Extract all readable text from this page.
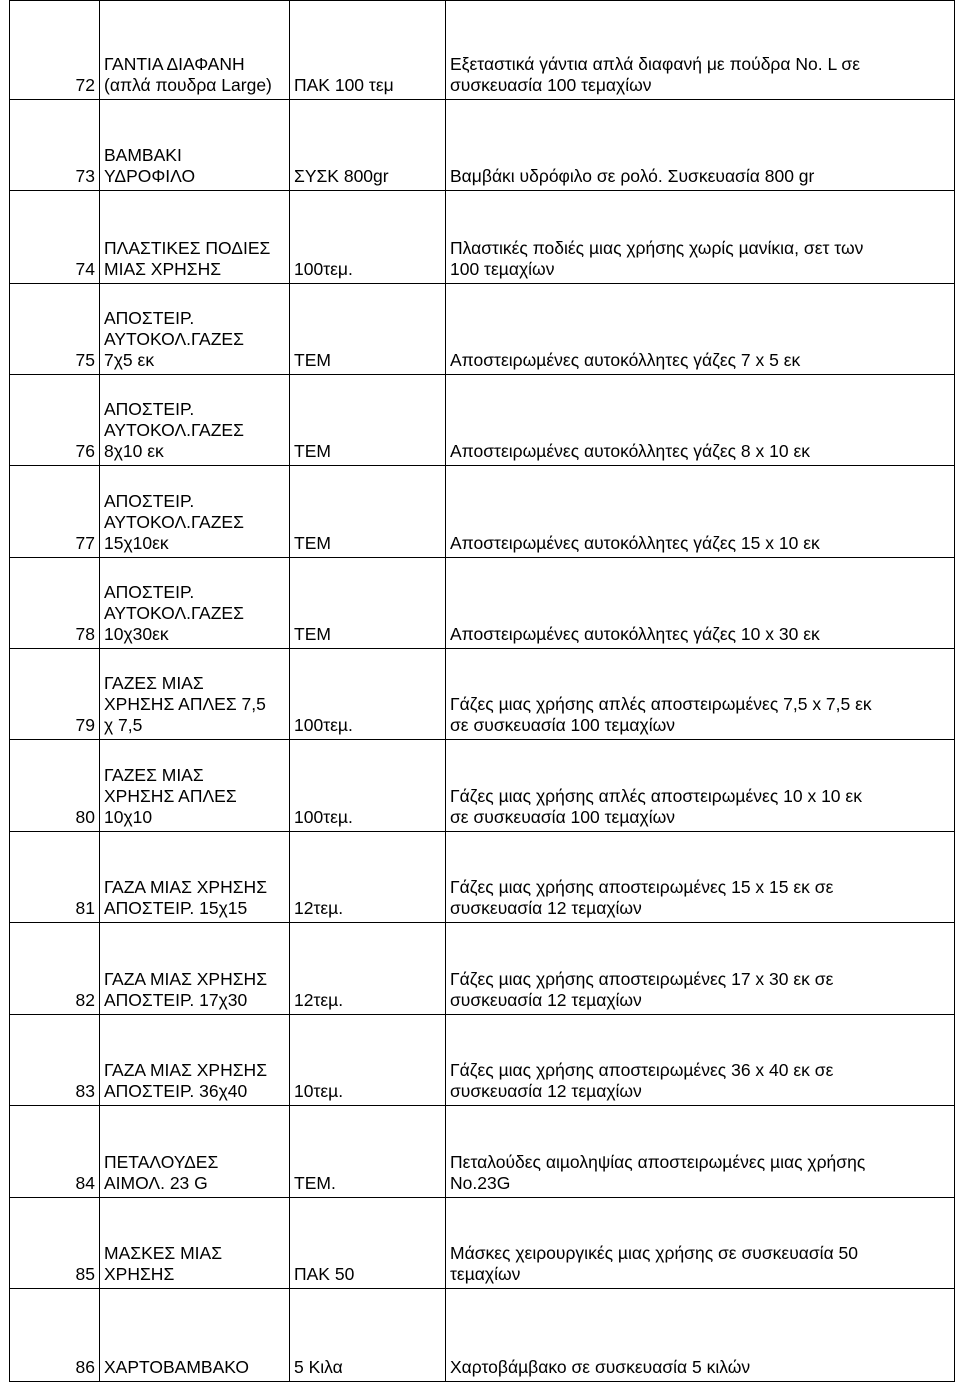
72	ΓΑΝΤΙΑ ΔΙΑΦΑΝΗ
(απλά πουδρα Large)	ΠΑΚ 100 τεμ	Εξεταστικά γάντια απλά διαφανή με πούδρα Νο. L σε
συσκευασία 100 τεμαχίων
73	ΒΑΜΒΑΚΙ
ΥΔΡΟΦΙΛΟ	ΣΥΣΚ 800gr	Βαμβάκι υδρόφιλο σε ρολό. Συσκευασία 800 gr
74	ΠΛΑΣΤΙΚΕΣ ΠΟΔΙΕΣ
ΜΙΑΣ ΧΡΗΣΗΣ	100τεμ.	Πλαστικές ποδιές µιας χρήσης χωρίς µανίκια, σετ των
100 τεµαχίων
75	ΑΠΟΣΤΕΙΡ.
ΑΥΤΟΚΟΛ.ΓΑΖΕΣ
7χ5 εκ	ΤΕΜ	Αποστειρωµένες αυτοκόλλητες γάζες 7 x 5 εκ
76	ΑΠΟΣΤΕΙΡ.
ΑΥΤΟΚΟΛ.ΓΑΖΕΣ
8χ10 εκ	ΤΕΜ	Αποστειρωµένες αυτοκόλλητες γάζες 8 x 10 εκ
77	ΑΠΟΣΤΕΙΡ.
ΑΥΤΟΚΟΛ.ΓΑΖΕΣ
15χ10εκ	ΤΕΜ	Αποστειρωµένες αυτοκόλλητες γάζες 15 x 10 εκ
78	ΑΠΟΣΤΕΙΡ.
ΑΥΤΟΚΟΛ.ΓΑΖΕΣ
10χ30εκ	ΤΕΜ	Αποστειρωµένες αυτοκόλλητες γάζες 10 x 30 εκ
79	ΓΑΖΕΣ ΜΙΑΣ
ΧΡΗΣΗΣ ΑΠΛΕΣ 7,5
χ 7,5	100τεµ.	Γάζες µιας χρήσης απλές αποστειρωµένες 7,5 x 7,5 εκ
σε συσκευασία 100 τεµαχίων
80	ΓΑΖΕΣ ΜΙΑΣ
ΧΡΗΣΗΣ ΑΠΛΕΣ
10χ10	100τεµ.	Γάζες µιας χρήσης απλές αποστειρωµένες 10 x 10 εκ
σε συσκευασία 100 τεµαχίων
81	ΓΑΖΑ ΜΙΑΣ ΧΡΗΣΗΣ
ΑΠΟΣΤΕΙΡ. 15χ15	12τεµ.	Γάζες µιας χρήσης αποστειρωµένες 15 x 15 εκ σε
συσκευασία 12 τεµαχίων
82	ΓΑΖΑ ΜΙΑΣ ΧΡΗΣΗΣ
ΑΠΟΣΤΕΙΡ. 17χ30	12τεµ.	Γάζες µιας χρήσης αποστειρωµένες 17 x 30 εκ σε
συσκευασία 12 τεµαχίων
83	ΓΑΖΑ ΜΙΑΣ ΧΡΗΣΗΣ
ΑΠΟΣΤΕΙΡ. 36χ40	10τεµ.	Γάζες µιας χρήσης αποστειρωµένες 36 x 40 εκ σε
συσκευασία 12 τεµαχίων
84	ΠΕΤΑΛΟΥΔΕΣ
ΑΙΜΟΛ. 23 G	ΤΕΜ.	Πεταλούδες αιµοληψίας αποστειρωµένες µιας χρήσης
No.23G
85	ΜΑΣΚΕΣ ΜΙΑΣ
ΧΡΗΣΗΣ	ΠΑΚ 50	Μάσκες χειρουργικές µιας χρήσης σε συσκευασία 50
τεµαχίων
86	ΧΑΡΤΟΒΑΜΒΑΚΟ	5 Κιλα	Χαρτοβάµβακο σε συσκευασία 5 κιλών
